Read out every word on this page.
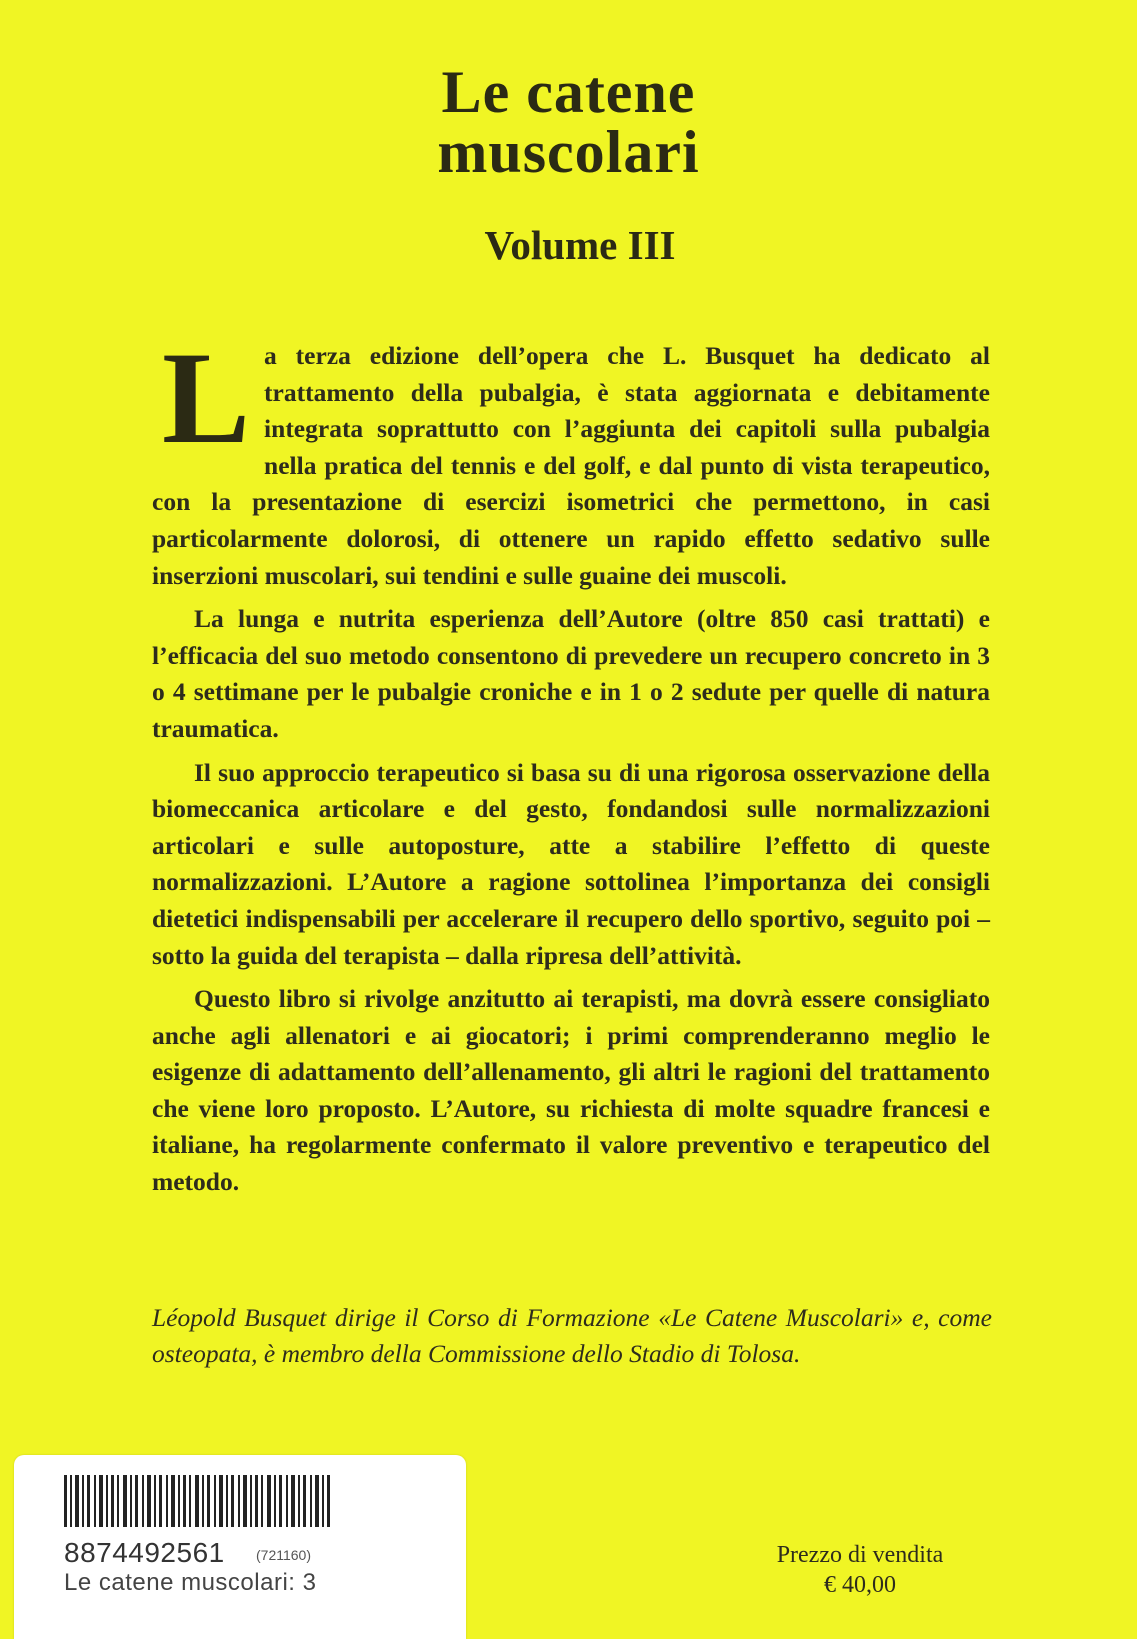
Le catene
muscolari
Volume III

La terza edizione dell’opera che L. Busquet ha dedicato al trattamento della pubalgia, è stata aggiornata e debitamente integrata soprattutto con l’aggiunta dei capitoli sulla pubalgia nella pratica del tennis e del golf, e dal punto di vista terapeutico, con la presentazione di esercizi isometrici che permettono, in casi particolarmente dolorosi, di ottenere un rapido effetto sedativo sulle inserzioni muscolari, sui tendini e sulle guaine dei muscoli.

La lunga e nutrita esperienza dell’Autore (oltre 850 casi trattati) e l’efficacia del suo metodo consentono di prevedere un recupero concreto in 3 o 4 settimane per le pubalgie croniche e in 1 o 2 sedute per quelle di natura traumatica.

Il suo approccio terapeutico si basa su di una rigorosa osservazione della biomeccanica articolare e del gesto, fondandosi sulle normalizzazioni articolari e sulle autoposture, atte a stabilire l’effetto di queste normalizzazioni. L’Autore a ragione sottolinea l’importanza dei consigli dietetici indispensabili per accelerare il recupero dello sportivo, seguito poi – sotto la guida del terapista – dalla ripresa dell’attività.

Questo libro si rivolge anzitutto ai terapisti, ma dovrà essere consigliato anche agli allenatori e ai giocatori; i primi comprenderanno meglio le esigenze di adattamento dell’allenamento, gli altri le ragioni del trattamento che viene loro proposto. L’Autore, su richiesta di molte squadre francesi e italiane, ha regolarmente confermato il valore preventivo e terapeutico del metodo.

Léopold Busquet dirige il Corso di Formazione «Le Catene Muscolari» e, come osteopata, è membro della Commissione dello Stadio di Tolosa.
8874492561 (721160)
Le catene muscolari: 3
Prezzo di vendita
€ 40,00
